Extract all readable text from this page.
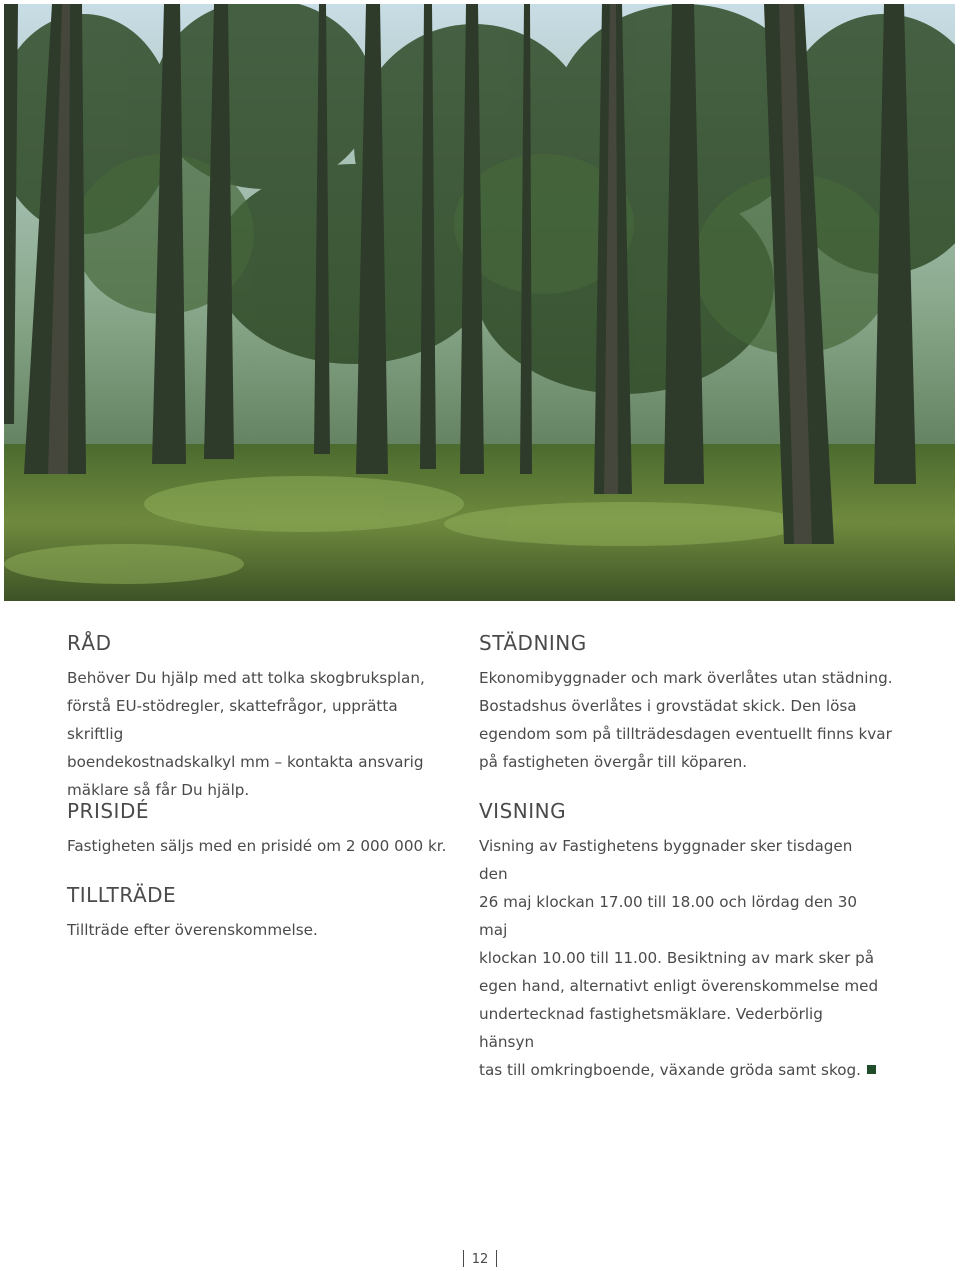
RÅD

Behöver Du hjälp med att tolka skogbruksplan,
förstå EU-stödregler, skattefrågor, upprätta skriftlig
boendekostnadskalkyl mm – kontakta ansvarig
mäklare så får Du hjälp.

PRISIDÉ

Fastigheten säljs med en prisidé om 2 000 000 kr.

TILLTRÄDE

Tillträde efter överenskommelse.

STÄDNING

Ekonomibyggnader och mark överlåtes utan städning.
Bostadshus överlåtes i grovstädat skick. Den lösa
egendom som på tillträdesdagen eventuellt finns kvar
på fastigheten övergår till köparen.

VISNING

Visning av Fastighetens byggnader sker tisdagen den
26 maj klockan 17.00 till 18.00 och lördag den 30 maj
klockan 10.00 till 11.00. Besiktning av mark sker på
egen hand, alternativt enligt överenskommelse med
undertecknad fastighetsmäklare. Vederbörlig hänsyn
tas till omkringboende, växande gröda samt skog.

12
